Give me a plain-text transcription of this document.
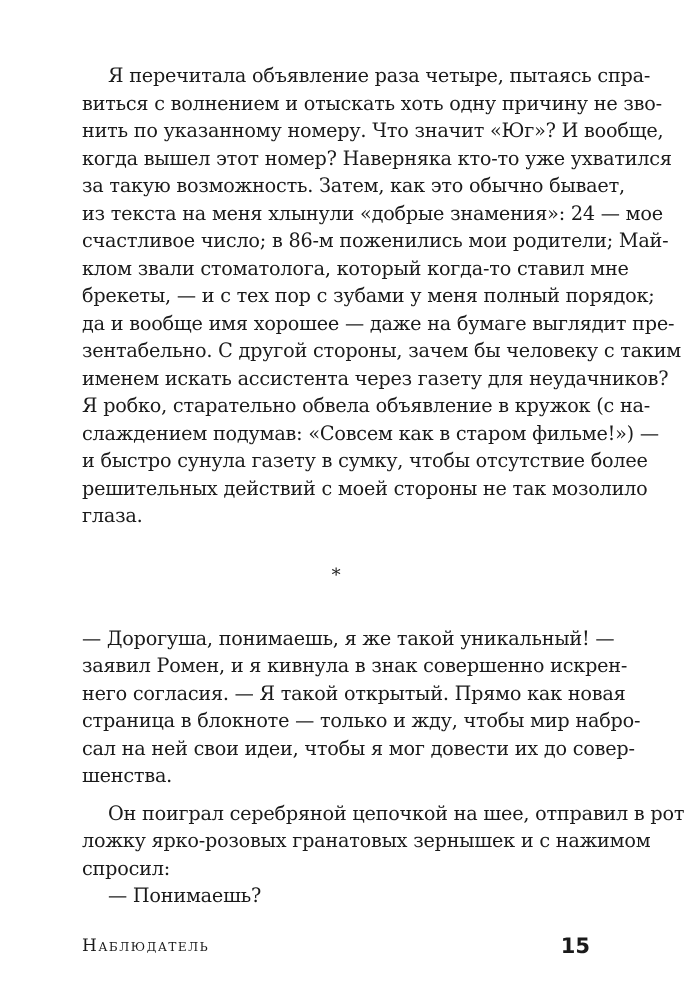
Я перечитала объявление раза четыре, пытаясь спра-
виться с волнением и отыскать хоть одну причину не зво-
нить по указанному номеру. Что значит «Юг»? И вообще,
когда вышел этот номер? Наверняка кто-то уже ухватился
за такую возможность. Затем, как это обычно бывает,
из текста на меня хлынули «добрые знамения»: 24 — мое
счастливое число; в 86-м поженились мои родители; Май-
клом звали стоматолога, который когда-то ставил мне
брекеты, — и с тех пор с зубами у меня полный порядок;
да и вообще имя хорошее — даже на бумаге выглядит пре-
зентабельно. С другой стороны, зачем бы человеку с таким
именем искать ассистента через газету для неудачников?
Я робко, старательно обвела объявление в кружок (с на-
слаждением подумав: «Совсем как в старом фильме!») —
и быстро сунула газету в сумку, чтобы отсутствие более
решительных действий с моей стороны не так мозолило
глаза.
*
— Дорогуша, понимаешь, я же такой уникальный! —
заявил Ромен, и я кивнула в знак совершенно искрен-
него согласия. — Я такой открытый. Прямо как новая
страница в блокноте — только и жду, чтобы мир набро-
сал на ней свои идеи, чтобы я мог довести их до совер-
шенства.
Он поиграл серебряной цепочкой на шее, отправил в рот
ложку ярко-розовых гранатовых зернышек и с нажимом
спросил:
— Понимаешь?
Наблюдатель	15
